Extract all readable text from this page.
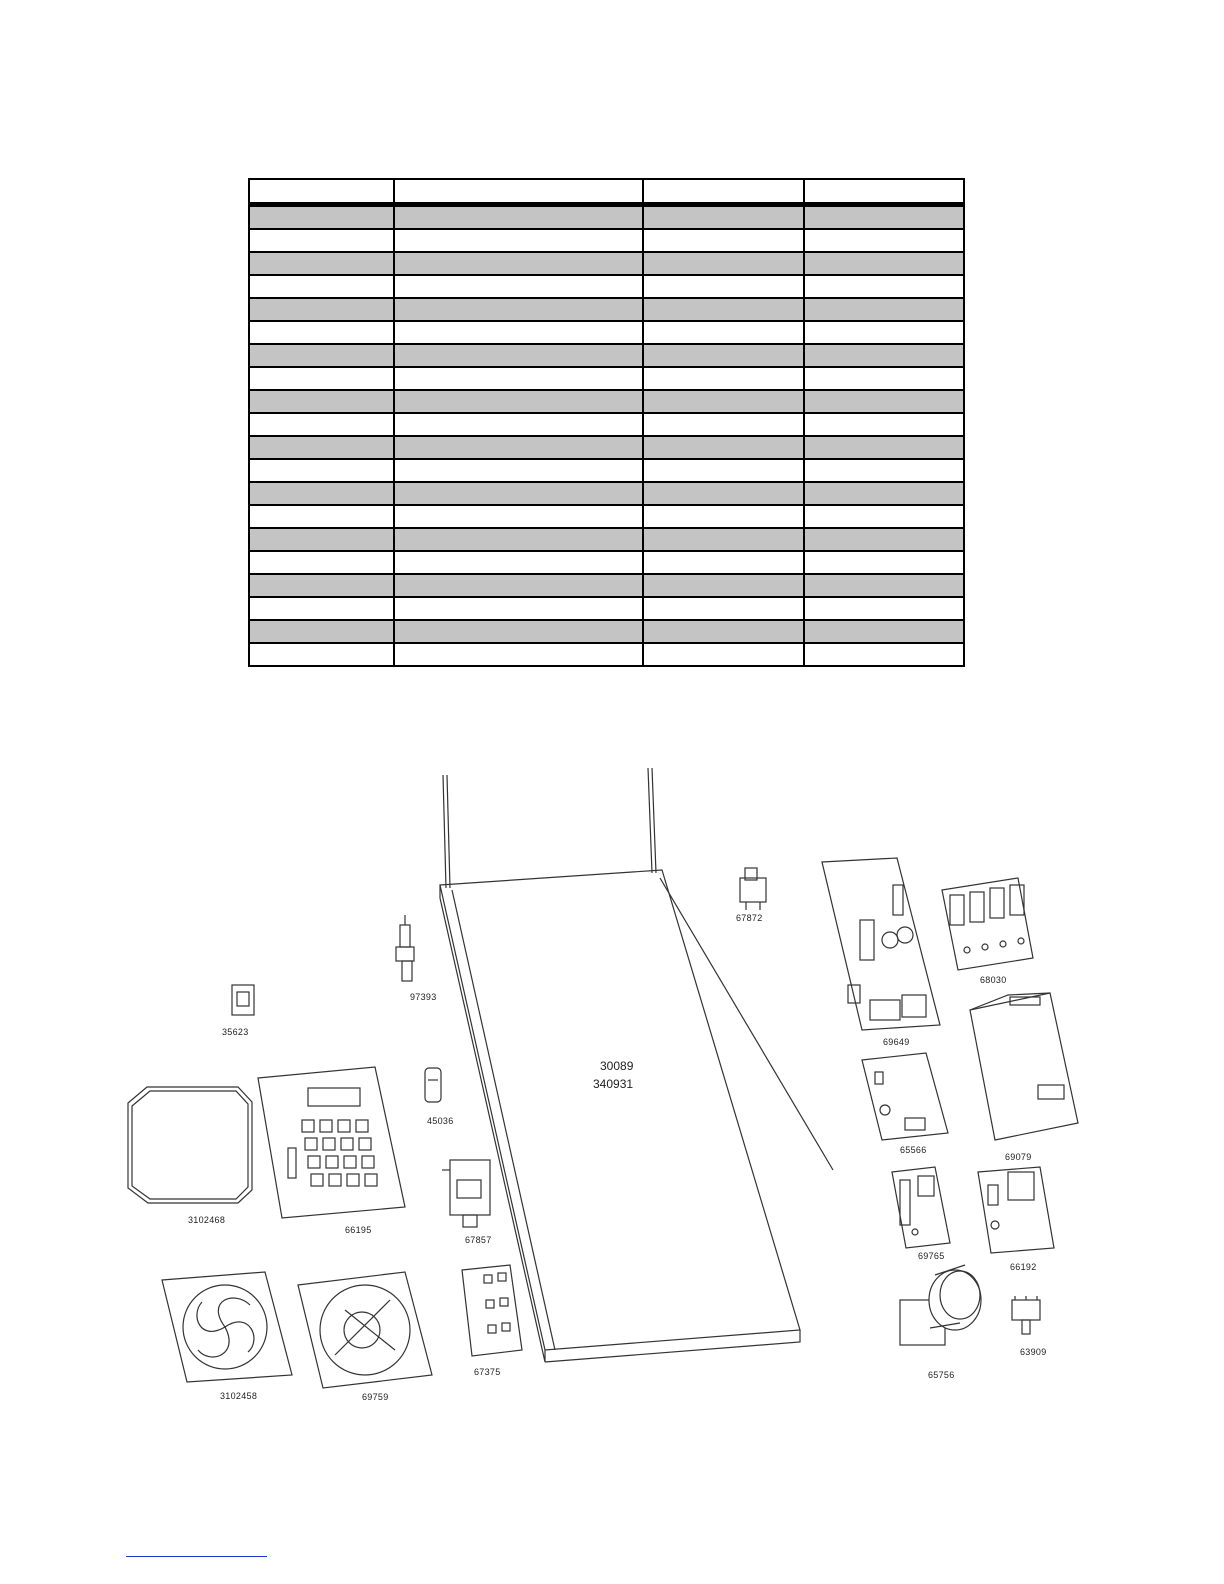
30089
340931
35623
97393
67872
69649
68030
45036
3102468
66195
67857
65566
69079
69765
66192
3102458	69759
67375	65756
63909
